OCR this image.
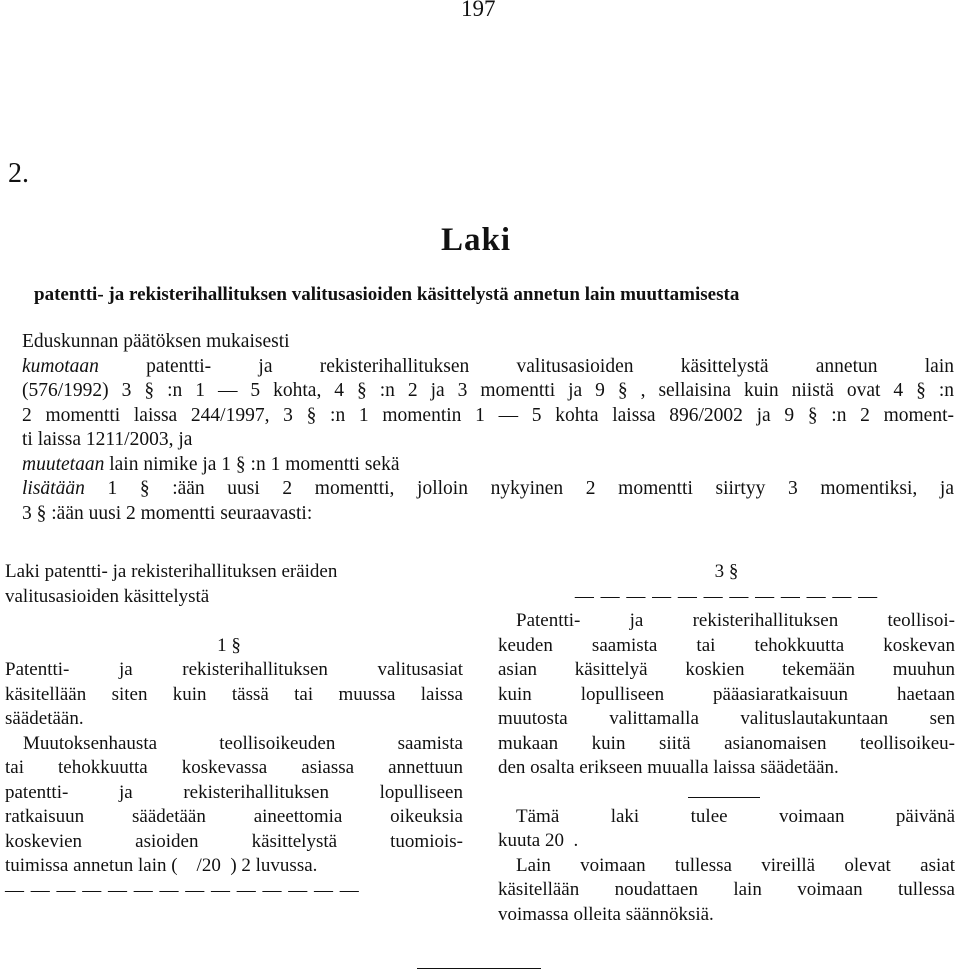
197
2.
Laki
patentti- ja rekisterihallituksen valitusasioiden käsittelystä annetun lain muuttamisesta
Eduskunnan päätöksen mukaisesti
kumotaan patentti- ja rekisterihallituksen valitusasioiden käsittelystä annetun lain
(576/1992) 3 § :n 1 — 5 kohta, 4 § :n 2 ja 3 momentti ja 9 § , sellaisina kuin niistä ovat 4 § :n
2 momentti laissa 244/1997, 3 § :n 1 momentin 1 — 5 kohta laissa 896/2002 ja 9 § :n 2 moment-
ti laissa 1211/2003, ja
muutetaan lain nimike ja 1 § :n 1 momentti sekä
lisätään 1 § :ään uusi 2 momentti, jolloin nykyinen 2 momentti siirtyy 3 momentiksi, ja
3 § :ään uusi 2 momentti seuraavasti:
Laki patentti- ja rekisterihallituksen eräiden
valitusasioiden käsittelystä
1 §
Patentti- ja rekisterihallituksen valitusasiat
käsitellään siten kuin tässä tai muussa laissa
säädetään.
Muutoksenhausta teollisoikeuden saamista
tai tehokkuutta koskevassa asiassa annettuun
patentti- ja rekisterihallituksen lopulliseen
ratkaisuun säädetään aineettomia oikeuksia
koskevien asioiden käsittelystä tuomiois-
tuimissa annetun lain (    /20  ) 2 luvussa.
— — — — — — — — — — — — — —
3 §
— — — — — — — — — — — —
Patentti- ja rekisterihallituksen teollisoi-
keuden saamista tai tehokkuutta koskevan
asian käsittelyä koskien tekemään muuhun
kuin lopulliseen pääasiaratkaisuun haetaan
muutosta valittamalla valituslautakuntaan sen
mukaan kuin siitä asianomaisen teollisoikeu-
den osalta erikseen muualla laissa säädetään.
Tämä laki tulee voimaan päivänä
kuuta 20  .
Lain voimaan tullessa vireillä olevat asiat
käsitellään noudattaen lain voimaan tullessa
voimassa olleita säännöksiä.
